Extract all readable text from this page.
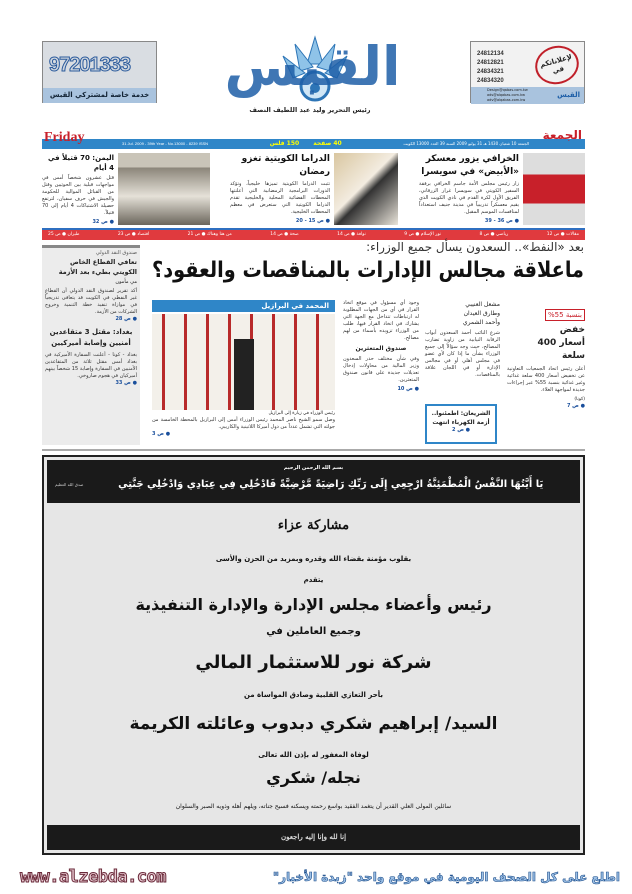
97201333
خدمة خاصة لمشتركي القبس	القبس
رئيس التحرير وليد عبد اللطيف النصف
24812134
24812821
24834321
24834320
لإعلاناتكم في
Design@qabas.com.kw
ads@alqabas.com.kw
adv@alqabas.com.kw
القبس
31 Jul. 2009 - 39th Year - No.13000 - 8239 ISSN	40 صفحة
150 فلس	الجمعة 10 شعبان 1430 هـ 31 يوليو 2009 السنة 39 العدد 13000 الكويت
Friday	الجمعة
الخرافي يزور معسكر «الأبيض» في سويسرا
زار رئيس مجلس الأمة جاسم الخرافي برفقة السفير الكويتي في سويسرا غرار الزرقاني، الفريق الأول لكرة القدم في نادي الكويت الذي يقيم معسكراً تدريبياً في مدينة جنيف استعداداً لمنافسات الموسم المقبل.
● ص 36 - 39
الدراما الكويتية تغزو رمضان
تثبت الدراما الكويتية تميزها خليجياً، وتؤكد الدورات البرامجية الرمضانية التي أعلنتها المحطات الفضائية المحلية والخليجية تقدم الدراما الكويتية التي ستعرض في معظم المحطات الخليجية.
● ص 15 - 20
اليمن: 70 قتيلاً في 4 أيام
قتل عشرون شخصاً أمس في مواجهات قبلية بين الحوثيين وقتل من القبائل الموالية للحكومة والجيش في حرف سفيان، لترتفع حصيلة الاشتباكات 4 أيام إلى 70 قتيلاً.
● ص 32
مقالات ● ص 12
رياضي ● ص 8
نور الإسلام ● ص 9
نوافذ ● ص 14
صحة ● ص 14
من هنا وهناك ● ص 21
اقتصاد ● ص 23
طيران ● ص 25
صندوق النقد الدولي
تعافي القطاع الخاص الكويتي بطيء بعد الأزمة
مي مأمون
أكد تقرير لصندوق النقد الدولي أن القطاع غير النفطي في الكويت قد يتعافى تدريجياً في موازاة تنفيذ خطة التنمية وخروج الشركات من الأزمة.
● ص 28
بغداد: مقتل 3 متقاعدين أمنيين وإصابة أميركيين
بغداد - كونا - أعلنت السفارة الأميركية في بغداد أمس مقتل ثلاثة من المتقاعدين الأمنيين في السفارة وإصابة 15 شخصاً بينهم أميركيان في هجوم صاروخي.
● ص 33
بعد «النفط».. السعدون يسأل جميع الوزراء:
ماعلاقة مجالس الإدارات بالمناقصات والعقود؟
المحمد في البرازيل
رئيس الوزراء في زيارة إلى البرازيل
وصل سمو الشيخ ناصر المحمد رئيس الوزراء أمس إلى البرازيل بالمحطة الخامسة من جولته التي تشمل عدداً من دول أميركا اللاتينية والكاريبي.
● ص 3
وجود أي مسؤول في موقع اتخاذ القرار في أي من الجهات المطلوبة له ارتباطات تتداخل مع الجهة التي يشارك في اتخاذ القرار فيها، طلب من الوزراء تزويده بأسماء من لهم مصالح.
صندوق المتعثرين
وفي شأن مختلف حذر السعدون وزير المالية من محاولات إدخال تعديلات جديدة على قانون صندوق المتعثرين.
● ص 10
مشعل العنيبي وطارق العيدان وأحمد الشمري
شرع النائب أحمد السعدون أبواب الرقابة النيابية من زاوية تضارب المصالح، حيث وجه سؤالاً إلى جميع الوزراء بشأن ما إذا كان لأي عضو في مجلس أهلي أو في مجالس الإدارة أو في اللجان علاقة بالمناقصات.
الشريعان: اطمئنوا.. أزمة الكهرباء انتهت
● ص 2
بنسبة 55%
خفض أسعار 400 سلعة
أعلن رئيس اتحاد الجمعيات التعاونية عن تخفيض أسعار 400 سلعة غذائية وغير غذائية بنسبة 55% عبر إجراءات جديدة لمواجهة الغلاء.
(كونا)
● ص 7
بسم الله الرحمن الرحيم
صدق الله العظيم	يَا أَيَّتُهَا النَّفْسُ الْمُطْمَئِنَّةُ ارْجِعِي إِلَى رَبِّكِ رَاضِيَةً مَّرْضِيَّةً فَادْخُلِي فِي عِبَادِي وَادْخُلِي جَنَّتِي
مشاركة عزاء
بقلوب مؤمنة بقضاء الله وقدره وبمزيد من الحزن والأسى
يتقدم
رئيس وأعضاء مجلس الإدارة والإدارة التنفيذية
وجميع العاملين في
شركة نور للاستثمار المالي
بأحر التعازي القلبية وصادق المواساة من
السيد/ إبراهيم شكري دبدوب وعائلته الكريمة
لوفاة المغفور له بإذن الله تعالى
نجله/ شكري
سائلين المولى العلي القدير أن يتغمد الفقيد بواسع رحمته ويسكنه فسيح جناته، ويلهم أهله وذويه الصبر والسلوان
إنا لله وإنا إليه راجعون
www.alzebda.com	اطلع على كل الصحف اليومية في موقع واحد "زبدة الأخبار"
